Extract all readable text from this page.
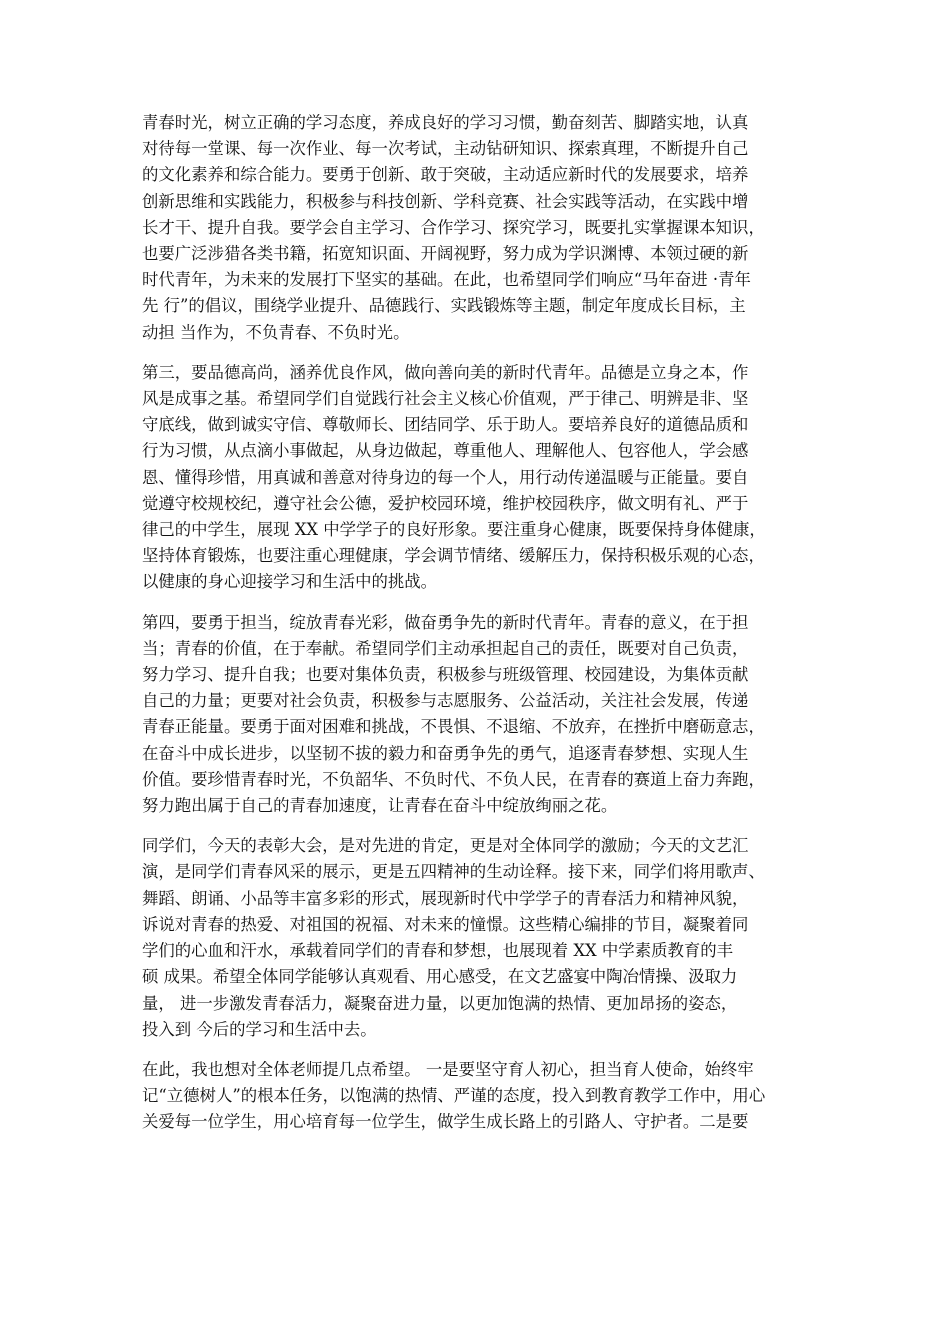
青春时光，树立正确的学习态度，养成良好的学习习惯，勤奋刻苦、脚踏实地，认真
对待每一堂课、每一次作业、每一次考试，主动钻研知识、探索真理，不断提升自己
的文化素养和综合能力。要勇于创新、敢于突破，主动适应新时代的发展要求，培养
创新思维和实践能力，积极参与科技创新、学科竞赛、社会实践等活动，在实践中增
长才干、提升自我。要学会自主学习、合作学习、探究学习，既要扎实掌握课本知识，
也要广泛涉猎各类书籍，拓宽知识面、开阔视野，努力成为学识渊博、本领过硬的新
时代青年，为未来的发展打下坚实的基础。在此，也希望同学们响应“马年奋进 ·青年
先 行”的倡议，围绕学业提升、品德践行、实践锻炼等主题，制定年度成长目标，主
动担 当作为，不负青春、不负时光。
第三，要品德高尚，涵养优良作风，做向善向美的新时代青年。品德是立身之本，作
风是成事之基。希望同学们自觉践行社会主义核心价值观，严于律己、明辨是非、坚
守底线，做到诚实守信、尊敬师长、团结同学、乐于助人。要培养良好的道德品质和
行为习惯，从点滴小事做起，从身边做起，尊重他人、理解他人、包容他人，学会感
恩、懂得珍惜，用真诚和善意对待身边的每一个人，用行动传递温暖与正能量。要自
觉遵守校规校纪，遵守社会公德，爱护校园环境，维护校园秩序，做文明有礼、严于
律己的中学生，展现 XX 中学学子的良好形象。要注重身心健康，既要保持身体健康，
坚持体育锻炼，也要注重心理健康，学会调节情绪、缓解压力，保持积极乐观的心态，
以健康的身心迎接学习和生活中的挑战。
第四，要勇于担当，绽放青春光彩，做奋勇争先的新时代青年。青春的意义，在于担
当；青春的价值，在于奉献。希望同学们主动承担起自己的责任，既要对自己负责，
努力学习、提升自我；也要对集体负责，积极参与班级管理、校园建设，为集体贡献
自己的力量；更要对社会负责，积极参与志愿服务、公益活动，关注社会发展，传递
青春正能量。要勇于面对困难和挑战，不畏惧、不退缩、不放弃，在挫折中磨砺意志，
在奋斗中成长进步，以坚韧不拔的毅力和奋勇争先的勇气，追逐青春梦想、实现人生
价值。要珍惜青春时光，不负韶华、不负时代、不负人民，在青春的赛道上奋力奔跑，
努力跑出属于自己的青春加速度，让青春在奋斗中绽放绚丽之花。
同学们，今天的表彰大会，是对先进的肯定，更是对全体同学的激励；今天的文艺汇
演，是同学们青春风采的展示，更是五四精神的生动诠释。接下来，同学们将用歌声、
舞蹈、朗诵、小品等丰富多彩的形式，展现新时代中学学子的青春活力和精神风貌，
诉说对青春的热爱、对祖国的祝福、对未来的憧憬。这些精心编排的节目，凝聚着同
学们的心血和汗水，承载着同学们的青春和梦想，也展现着 XX 中学素质教育的丰
硕 成果。希望全体同学能够认真观看、用心感受，在文艺盛宴中陶冶情操、汲取力
量， 进一步激发青春活力，凝聚奋进力量，以更加饱满的热情、更加昂扬的姿态，
投入到 今后的学习和生活中去。
在此，我也想对全体老师提几点希望。 一是要坚守育人初心，担当育人使命，始终牢
记“立德树人”的根本任务，以饱满的热情、严谨的态度，投入到教育教学工作中，用心
关爱每一位学生，用心培育每一位学生，做学生成长路上的引路人、守护者。二是要
